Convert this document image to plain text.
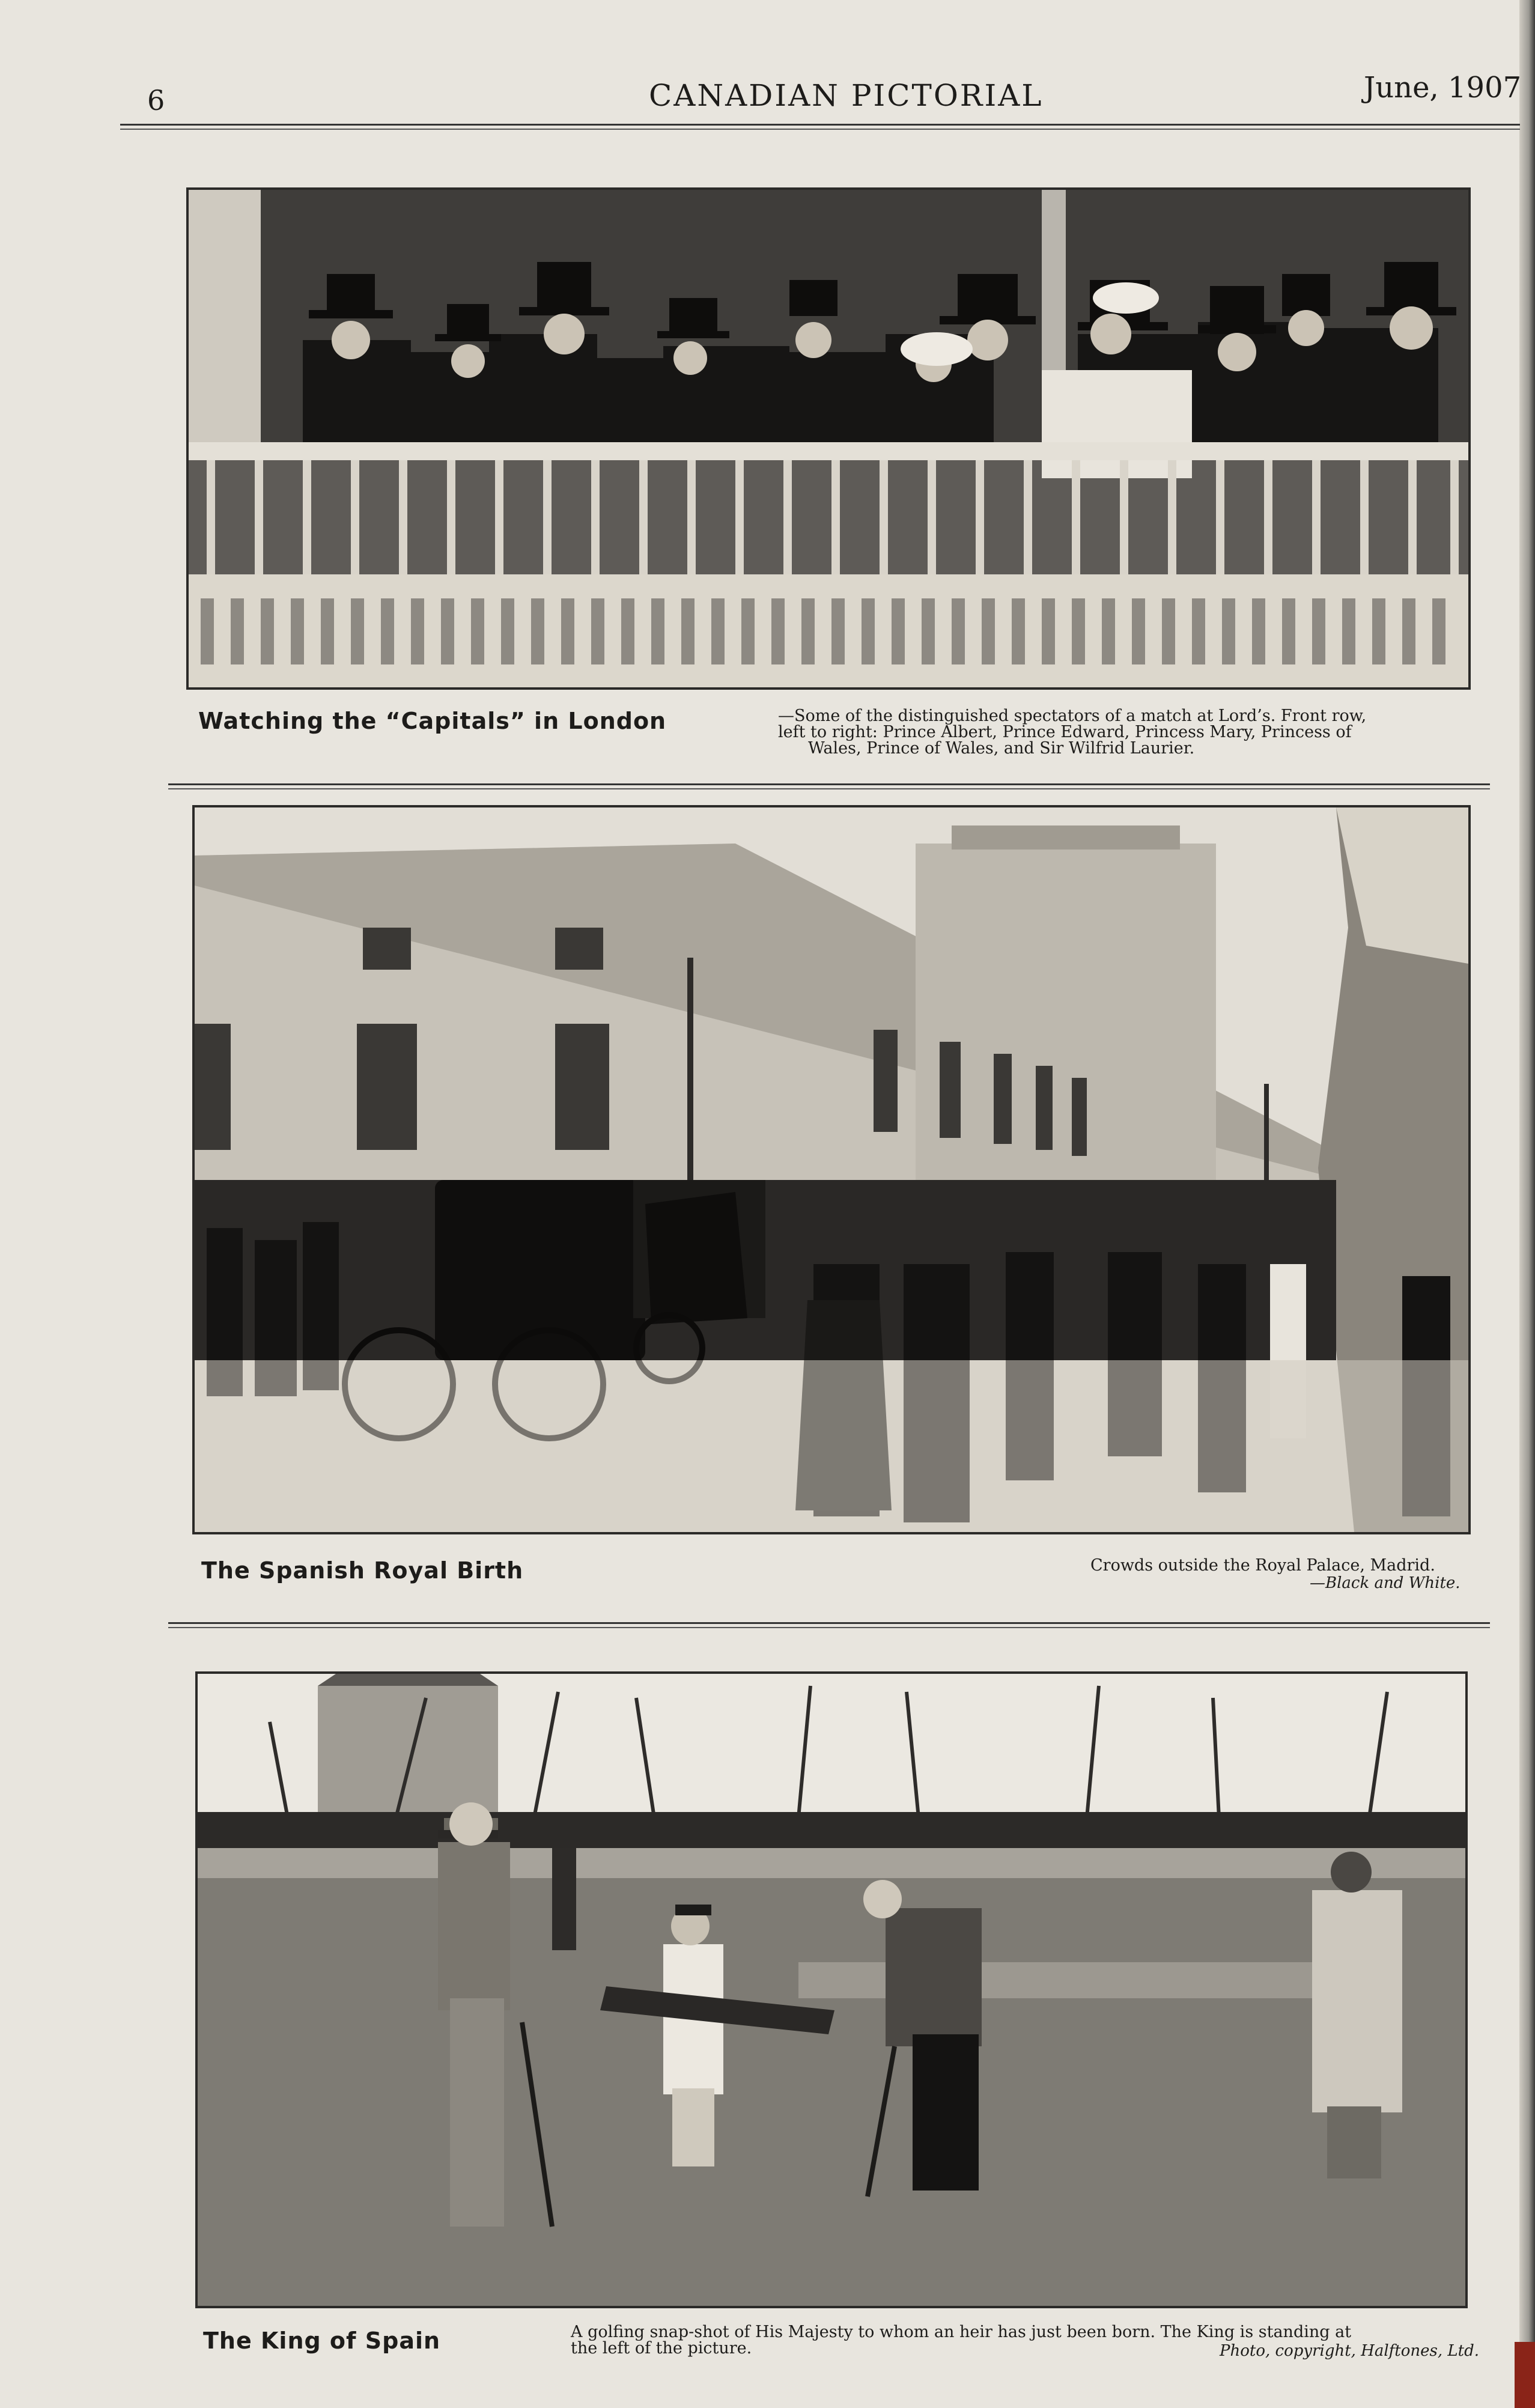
6	CANADIAN PICTORIAL	June, 1907
Watching the “Capitals” in London	—Some of the distinguished spectators of a match at Lord’s. Front row,
left to right: Prince Albert, Prince Edward, Princess Mary, Princess of
Wales, Prince of Wales, and Sir Wilfrid Laurier.
The Spanish Royal Birth	Crowds outside the Royal Palace, Madrid.
—Black and White.
The King of Spain	A golfing snap-shot of His Majesty to whom an heir has just been born. The King is standing at
the left of the picture.	Photo, copyright, Halftones, Ltd.
